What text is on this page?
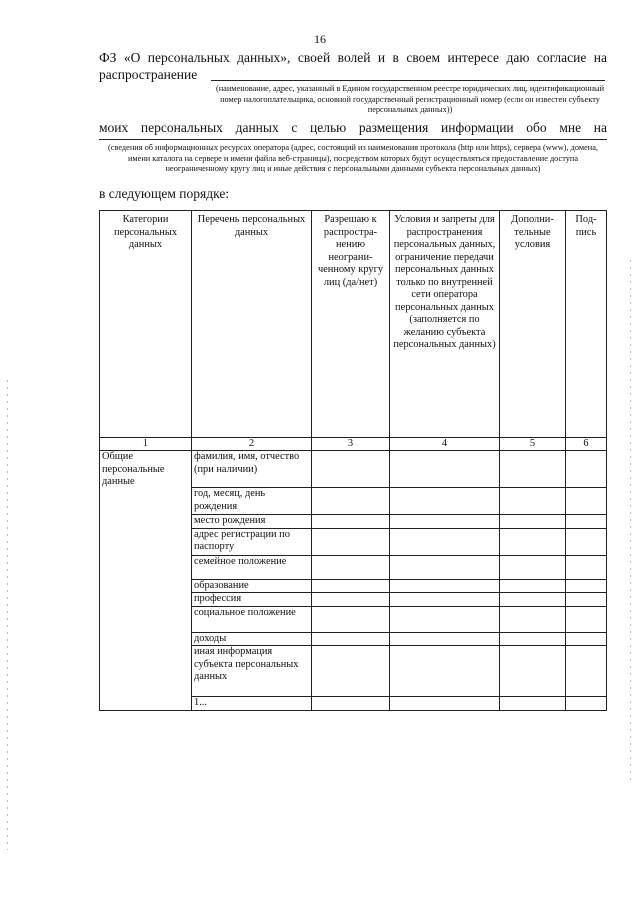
16
ФЗ «О персональных данных», своей волей и в своем интересе даю согласие на
распространение
(наименование, адрес, указанный в Едином государственном реестре юридических лиц, идентификационный номер налогоплательщика, основной государственный регистрационный номер (если он известен субъекту персональных данных))
моих персональных данных с целью размещения информации обо мне на
(сведения об информационных ресурсах оператора (адрес, состоящий из наименования протокола (http или https), сервера (www), домена, имени каталога на сервере и имени файла веб-страницы), посредством которых будут осуществляться предоставление доступа неограниченному кругу лиц и иные действия с персональными данными субъекта персональных данных)
в следующем порядке:
Категории персональных данных	Перечень персональных данных	Разрешаю к распростра-нению неограни-ченному кругу лиц (да/нет)	Условия и запреты для распространения персональных данных, ограничение передачи персональных данных только по внутренней сети оператора персональных данных (заполняется по желанию субъекта персональных данных)	Дополни-тельные условия	Под-пись
1	2	3	4	5	6
Общие персональные данные	фамилия, имя, отчество (при наличии)				
	год, месяц, день рождения				
	место рождения				
	адрес регистрации по паспорту				
	семейное положение				
	образование				
	профессия				
	социальное положение				
	доходы				
	иная информация субъекта персональных данных				
	1...				
